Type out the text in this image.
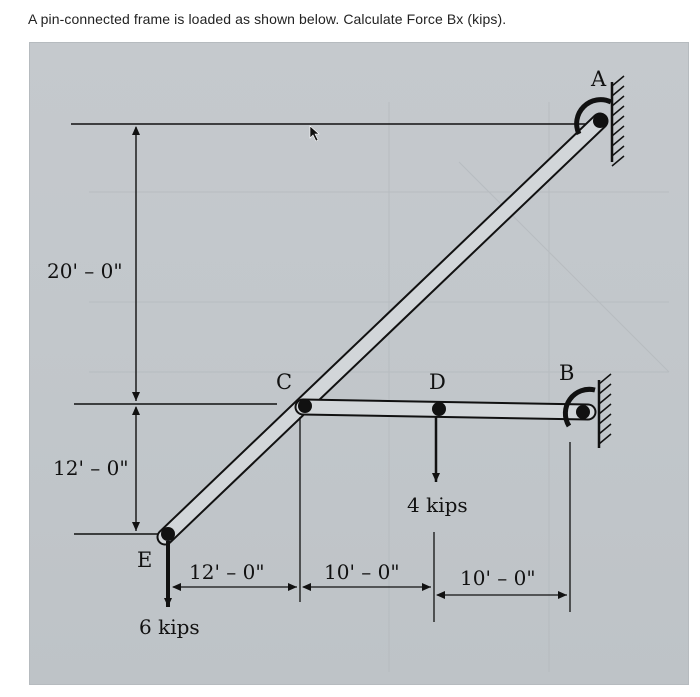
A pin-connected frame is loaded as shown below. Calculate Force Bx (kips).
20' – 0"
12' – 0"
A
B
C	D
E
4 kips
6 kips
12' – 0"	10' – 0"	10' – 0"
